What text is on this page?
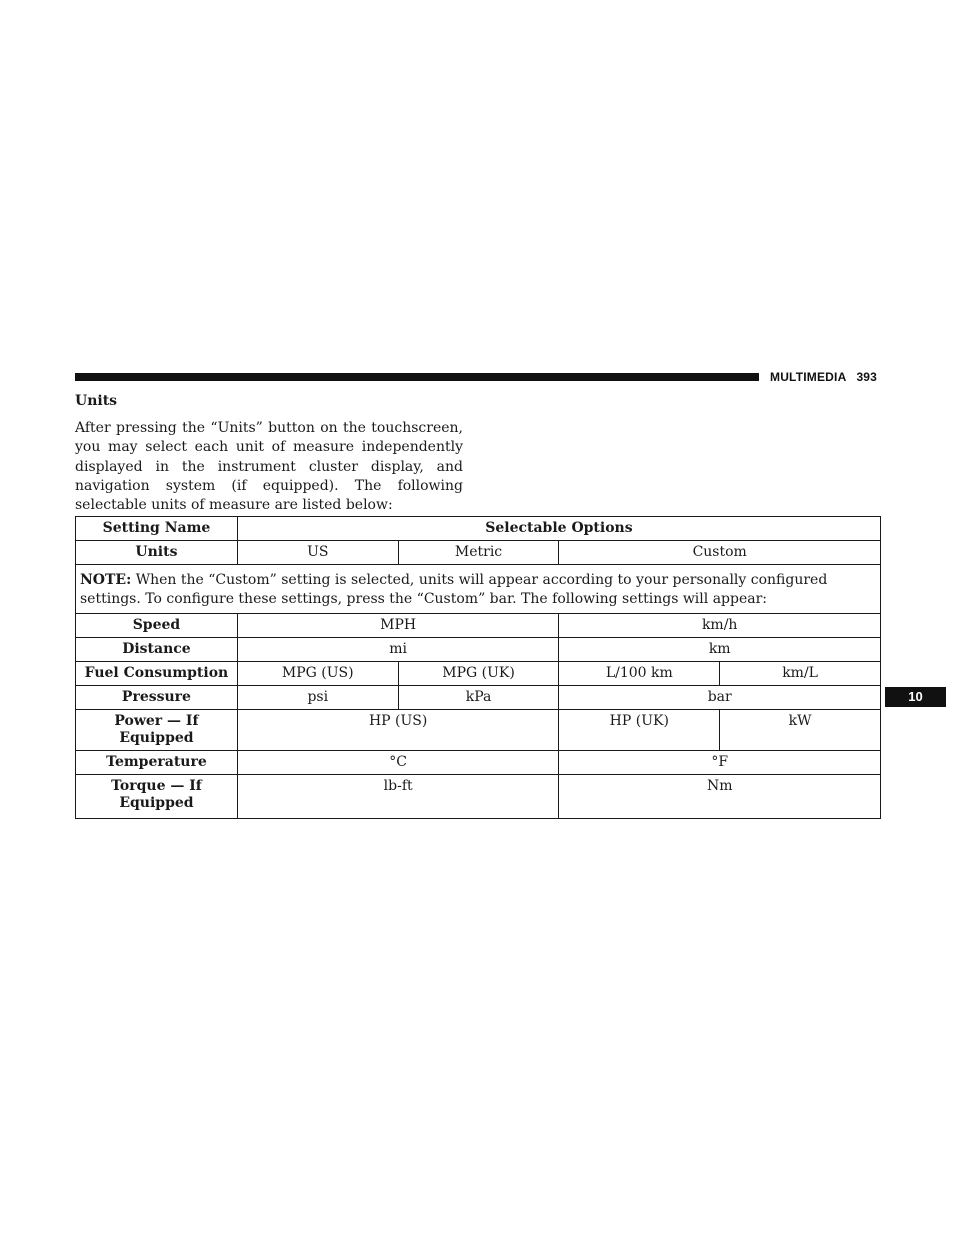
MULTIMEDIA 393
10
Units
After pressing the “Units” button on the touchscreen, you may select each unit of measure independently displayed in the instrument cluster display, and navigation system (if equipped). The following selectable units of measure are listed below:
Setting Name	Selectable Options			
Units	US	Metric	Custom	
NOTE: When the “Custom” setting is selected, units will appear according to your personally configured settings. To configure these settings, press the “Custom” bar. The following settings will appear:				
Speed	MPH		km/h	
Distance	mi		km	
Fuel Consumption	MPG (US)	MPG (UK)	L/100 km	km/L
Pressure	psi	kPa	bar	
Power — If Equipped	HP (US)		HP (UK)	kW
Temperature	°C		°F	
Torque — If Equipped	lb-ft		Nm	
